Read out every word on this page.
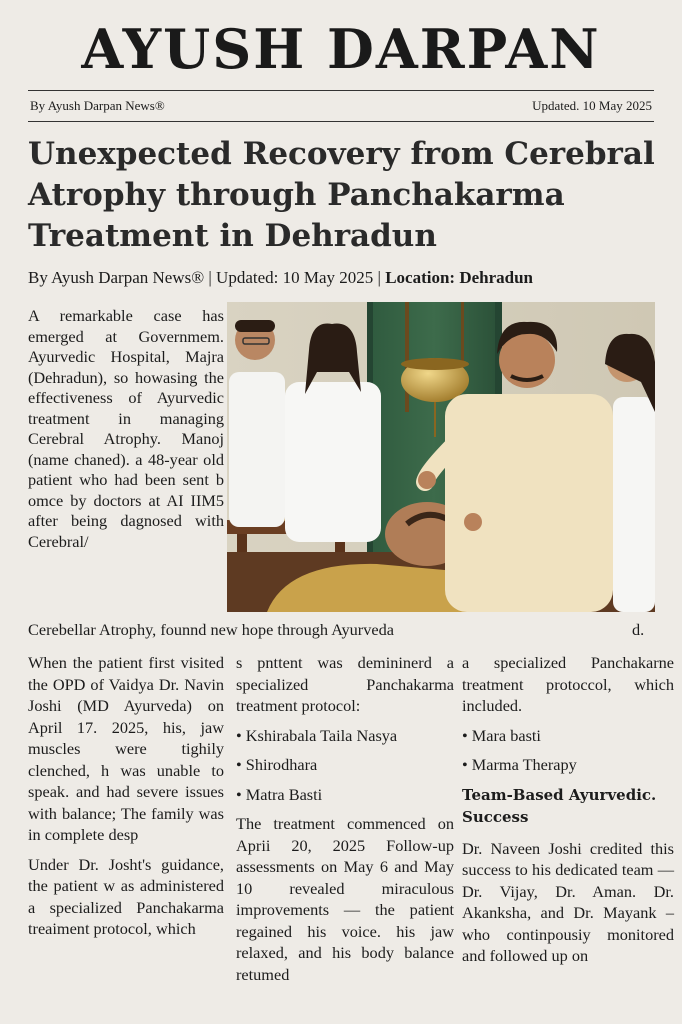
AYUSH DARPAN
By Ayush Darpan News®	Updated. 10 May 2025
Unexpected Recovery from Cerebral Atrophy through Panchakarma Treatment in Dehradun
By Ayush Darpan News® | Updated: 10 May 2025 | Location: Dehradun
A remarkable case has emerged at Governmem. Ayurvedic Hospital, Majra (Dehradun), so howasing the effectiveness of Ayurvedic treatment in managing Cerebral Atrophy. Manoj (name chaned). a 48-year old patient who had been sent b omce by doctors at AI IIM5 after being dagnosed with Cerebral/
Cerebellar Atrophy, founnd new hope through Ayurveda	d.

When the patient first visited the OPD of Vaidya Dr. Navin Joshi (MD Ayurveda) on April 17. 2025, his, jaw muscles were tighily clenched, h was unable to speak. and had severe issues with balance; The family was in complete desp

Under Dr. Josht's guidance, the patient w as administered a specialized Panchakarma treaiment protocol, which

s pnttent was demininerd a specialized Panchakarma treatment protocol:

• Kshirabala Taila Nasya
• Shirodhara
• Matra Basti

The treatment commenced on Aprii 20, 2025 Follow-up assessments on May 6 and May 10 revealed miraculous improvements — the patient regained his voice. his jaw relaxed, and his body balance retumed

a specialized Panchakarne treatment protoccol, which included.

• Mara basti
• Marma Therapy
Team-Based Ayurvedic. Success

Dr. Naveen Joshi credited this success to his dedicated team — Dr. Vijay, Dr. Aman. Dr. Akanksha, and Dr. Mayank – who continpousiy monitored and followed up on
